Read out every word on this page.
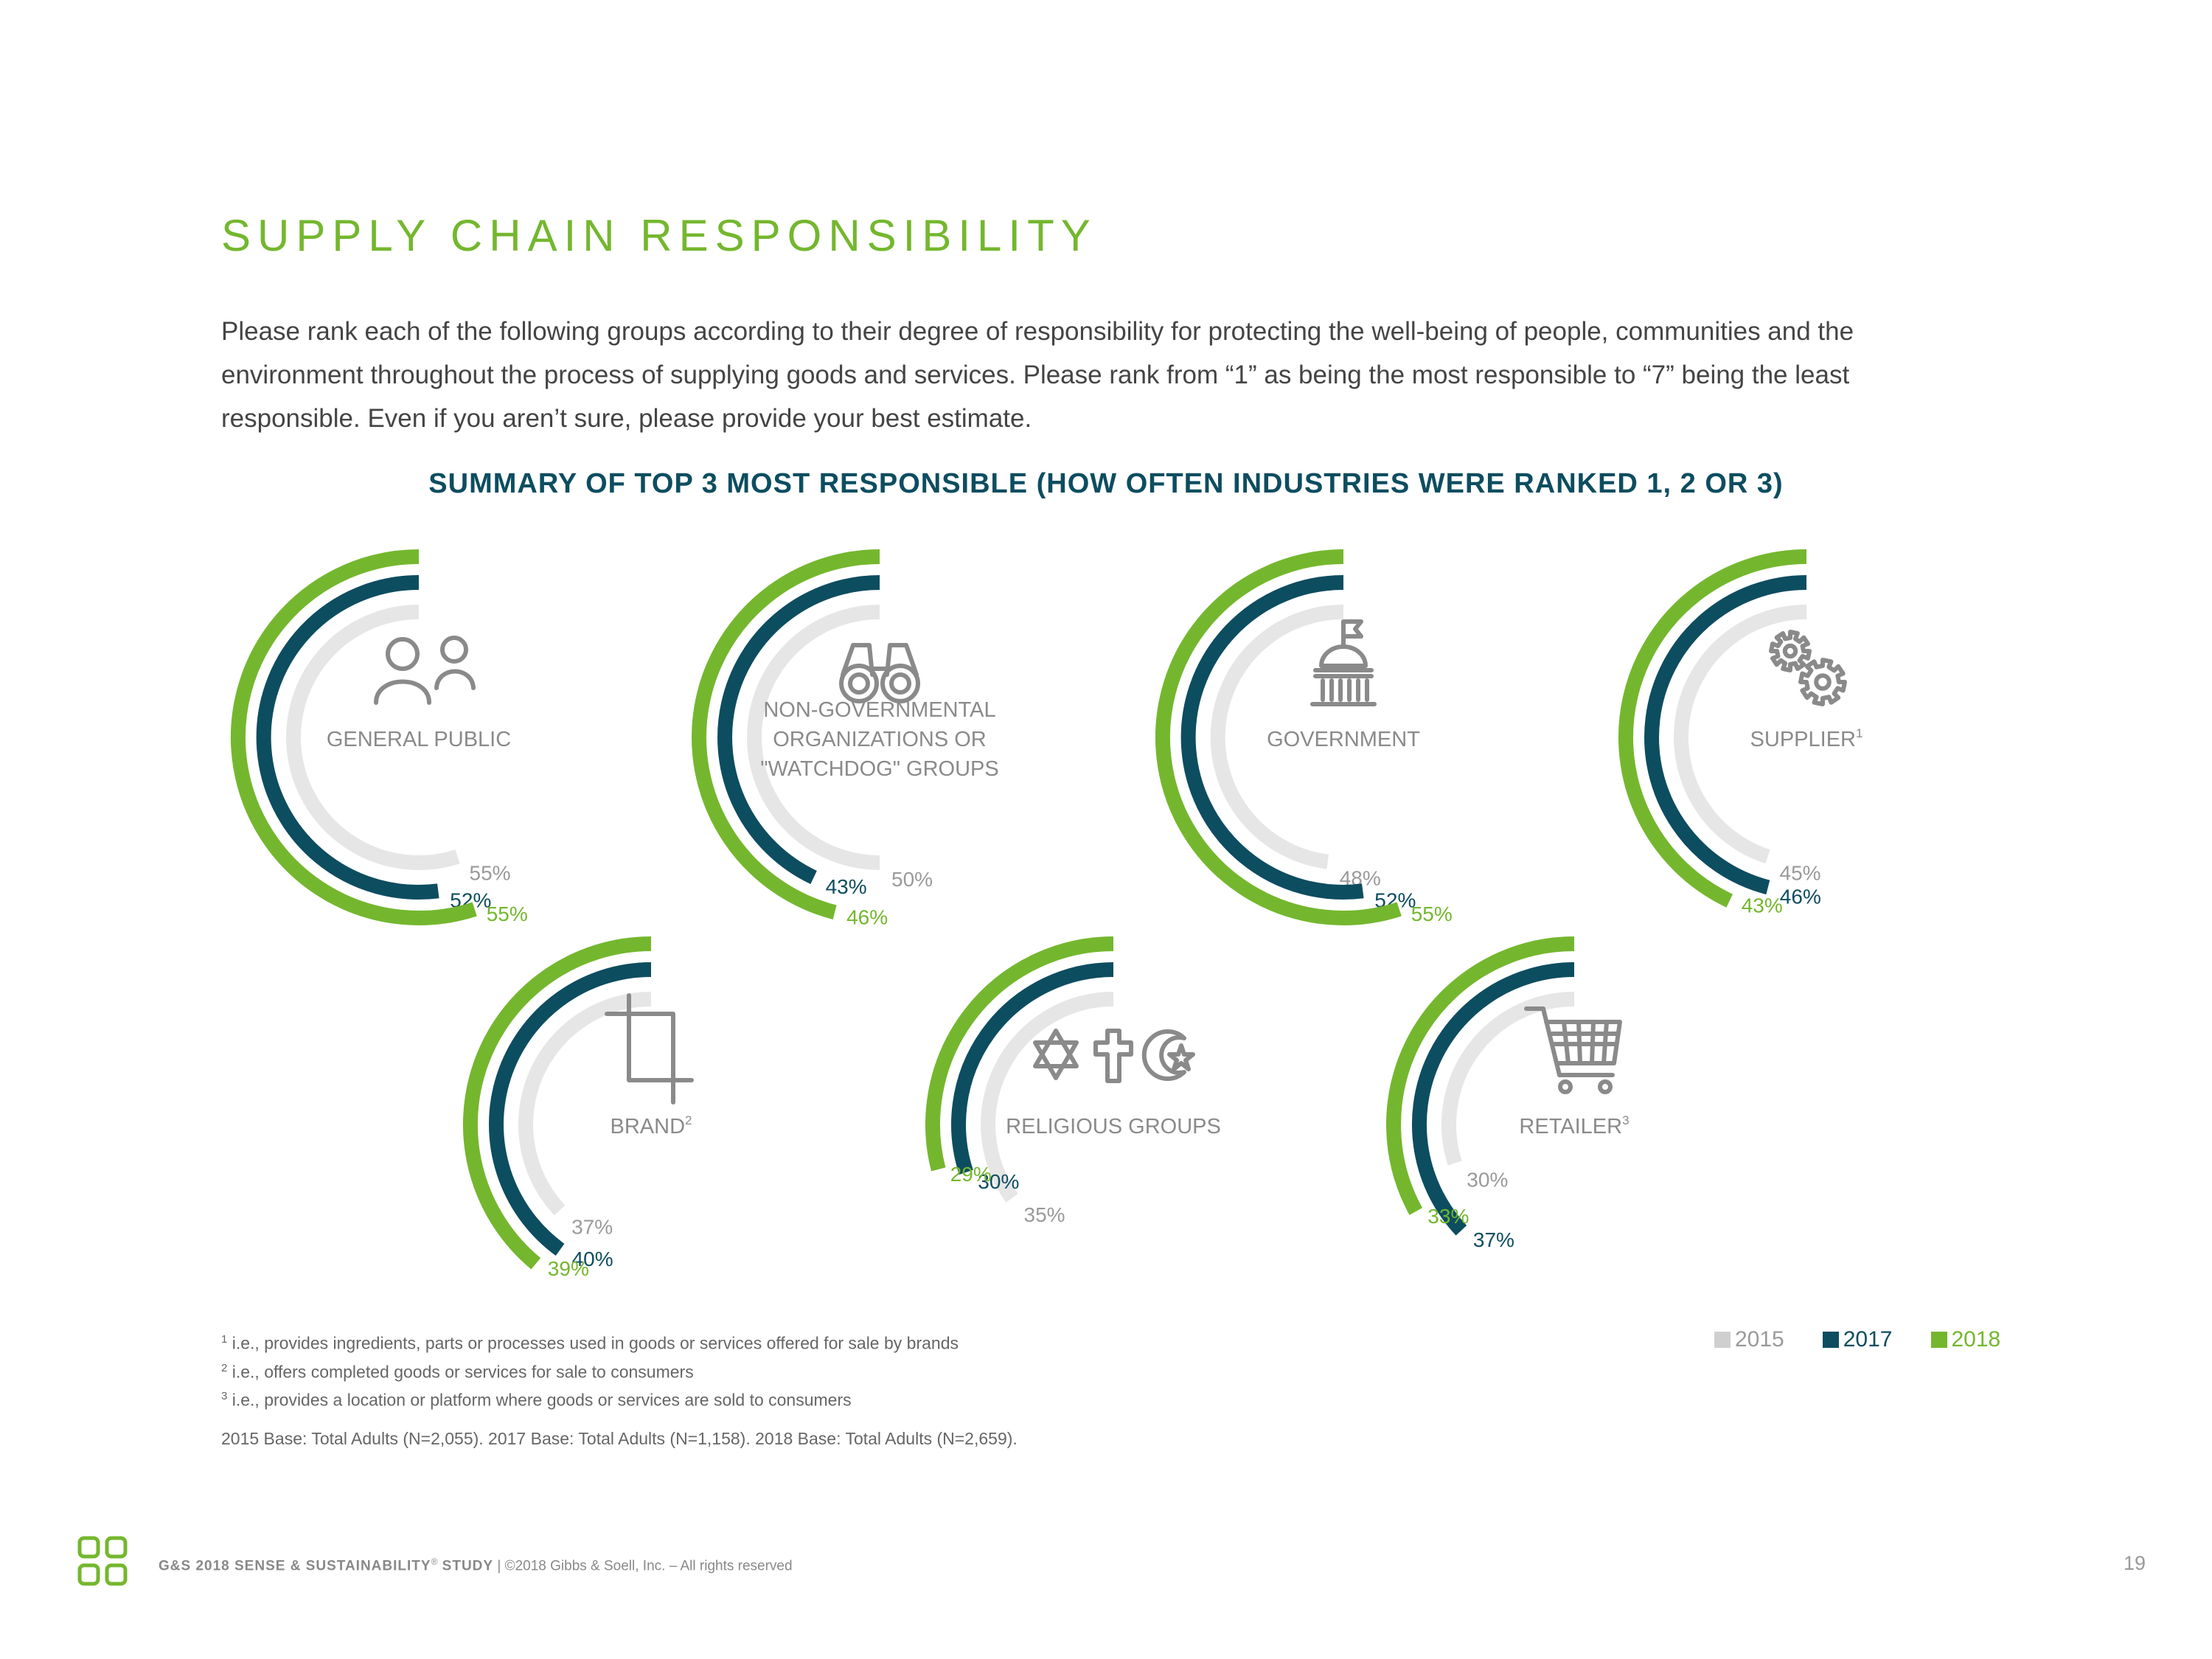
SUPPLY CHAIN RESPONSIBILITY

Please rank each of the following groups according to their degree of responsibility for protecting the well-being of people, communities and the environment throughout the process of supplying goods and services. Please rank from “1” as being the most responsible to “7” being the least responsible. Even if you aren’t sure, please provide your best estimate.

SUMMARY OF TOP 3 MOST RESPONSIBLE (HOW OFTEN INDUSTRIES WERE RANKED 1, 2 OR 3)
55%
52%
55%
GENERAL PUBLIC
50%
43%
46%
NON-GOVERNMENTAL
ORGANIZATIONS OR
"WATCHDOG" GROUPS
48%
52%
55%
GOVERNMENT
45%
46%
43%
SUPPLIER$^1$
37%
40%
39%
BRAND$^2$
35%
30%
29%
RELIGIOUS GROUPS
30%
37%
33%
RETAILER$^3$
$^1$ i.e., provides ingredients, parts or processes used in goods or services offered for sale by brands
$^2$ i.e., offers completed goods or services for sale to consumers
$^3$ i.e., provides a location or platform where goods or services are sold to consumers
2015 Base: Total Adults (N=2,055). 2017 Base: Total Adults (N=1,158). 2018 Base: Total Adults (N=2,659).
2015	2017	2018
G&S 2018 SENSE & SUSTAINABILITY® STUDY | ©2018 Gibbs & Soell, Inc. – All rights reserved	19
